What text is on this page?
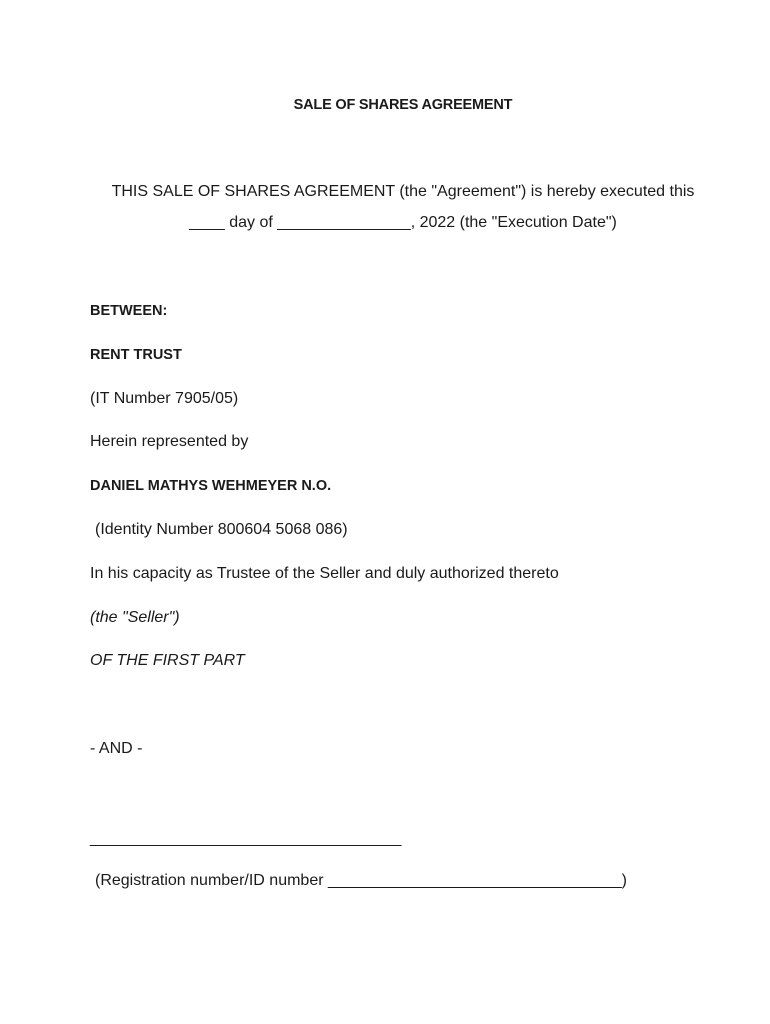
SALE OF SHARES AGREEMENT
THIS SALE OF SHARES AGREEMENT (the "Agreement") is hereby executed this
____ day of _______________, 2022 (the "Execution Date")
BETWEEN:
RENT TRUST
(IT Number 7905/05)
Herein represented by
DANIEL MATHYS WEHMEYER N.O.
(Identity Number 800604 5068 086)
In his capacity as Trustee of the Seller and duly authorized thereto
(the "Seller")
OF THE FIRST PART
- AND -
___________________________________
(Registration number/ID number _________________________________)
